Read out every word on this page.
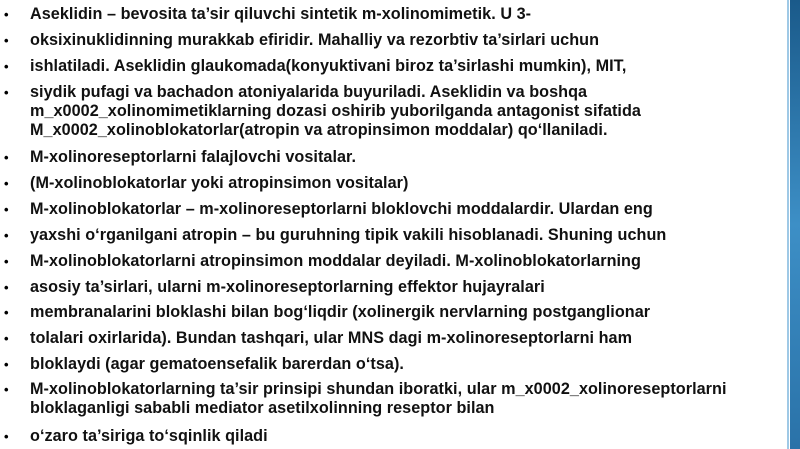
• Aseklidin – bevosita ta’sir qiluvchi sintetik m-xolinomimetik. U 3-
• oksixinuklidinning murakkab efiridir. Mahalliy va rezorbtiv ta’sirlari uchun
• ishlatiladi. Aseklidin glaukomada(konyuktivani biroz ta’sirlashi mumkin), MIT,
• siydik pufagi va bachadon atoniyalarida buyuriladi. Aseklidin va boshqa
m_x0002_xolinomimetiklarning dozasi oshirib yuborilganda antagonist sifatida
M_x0002_xolinoblokatorlar(atropin va atropinsimon moddalar) qo‘llaniladi.
• M-xolinoreseptorlarni falajlovchi vositalar.
• (M-xolinoblokatorlar yoki atropinsimon vositalar)
• M-xolinoblokatorlar – m-xolinoreseptorlarni bloklovchi moddalardir. Ulardan eng
• yaxshi o‘rganilgani atropin – bu guruhning tipik vakili hisoblanadi. Shuning uchun
• M-xolinoblokatorlarni atropinsimon moddalar deyiladi. M-xolinoblokatorlarning
• asosiy ta’sirlari, ularni m-xolinoreseptorlarning effektor hujayralari
• membranalarini bloklashi bilan bog‘liqdir (xolinergik nervlarning postganglionar
• tolalari oxirlarida). Bundan tashqari, ular MNS dagi m-xolinoreseptorlarni ham
• bloklaydi (agar gematoensefalik barerdan o‘tsa).
• M-xolinoblokatorlarning ta’sir prinsipi shundan iboratki, ular m_x0002_xolinoreseptorlarni
bloklaganligi sababli mediator asetilxolinning reseptor bilan
• o‘zaro ta’siriga to‘sqinlik qiladi
